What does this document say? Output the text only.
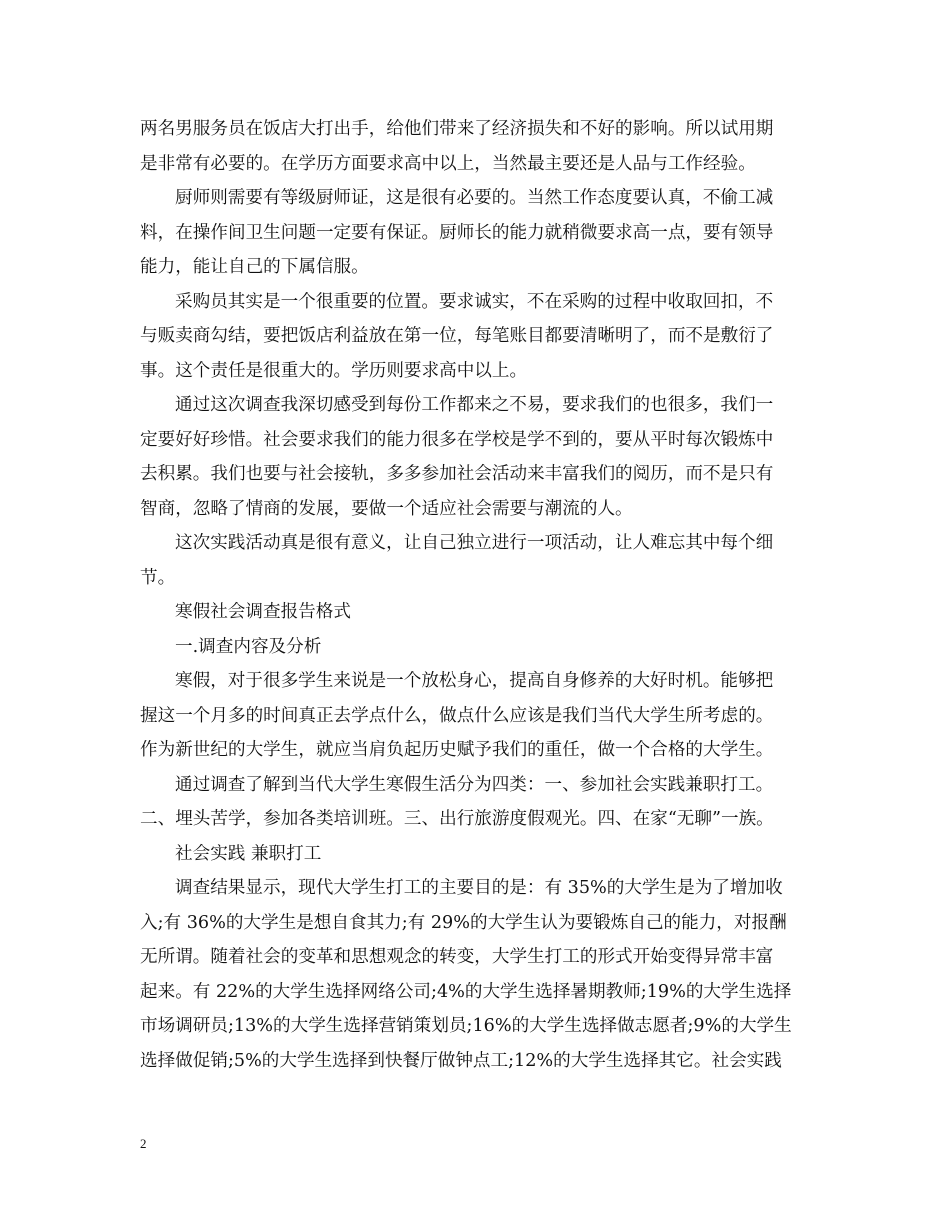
两名男服务员在饭店大打出手，给他们带来了经济损失和不好的影响。所以试用期
是非常有必要的。在学历方面要求高中以上，当然最主要还是人品与工作经验。
厨师则需要有等级厨师证，这是很有必要的。当然工作态度要认真，不偷工减
料，在操作间卫生问题一定要有保证。厨师长的能力就稍微要求高一点，要有领导
能力，能让自己的下属信服。
采购员其实是一个很重要的位置。要求诚实，不在采购的过程中收取回扣，不
与贩卖商勾结，要把饭店利益放在第一位，每笔账目都要清晰明了，而不是敷衍了
事。这个责任是很重大的。学历则要求高中以上。
通过这次调查我深切感受到每份工作都来之不易，要求我们的也很多，我们一
定要好好珍惜。社会要求我们的能力很多在学校是学不到的，要从平时每次锻炼中
去积累。我们也要与社会接轨，多多参加社会活动来丰富我们的阅历，而不是只有
智商，忽略了情商的发展，要做一个适应社会需要与潮流的人。
这次实践活动真是很有意义，让自己独立进行一项活动，让人难忘其中每个细
节。
寒假社会调查报告格式
一.调查内容及分析
寒假，对于很多学生来说是一个放松身心，提高自身修养的大好时机。能够把
握这一个月多的时间真正去学点什么，做点什么应该是我们当代大学生所考虑的。
作为新世纪的大学生，就应当肩负起历史赋予我们的重任，做一个合格的大学生。
通过调查了解到当代大学生寒假生活分为四类：一、参加社会实践兼职打工。
二、埋头苦学，参加各类培训班。三、出行旅游度假观光。四、在家“无聊”一族。
社会实践 兼职打工
调查结果显示，现代大学生打工的主要目的是：有 35%的大学生是为了增加收
入;有 36%的大学生是想自食其力;有 29%的大学生认为要锻炼自己的能力，对报酬
无所谓。随着社会的变革和思想观念的转变，大学生打工的形式开始变得异常丰富
起来。有 22%的大学生选择网络公司;4%的大学生选择暑期教师;19%的大学生选择
市场调研员;13%的大学生选择营销策划员;16%的大学生选择做志愿者;9%的大学生
选择做促销;5%的大学生选择到快餐厅做钟点工;12%的大学生选择其它。社会实践
2
